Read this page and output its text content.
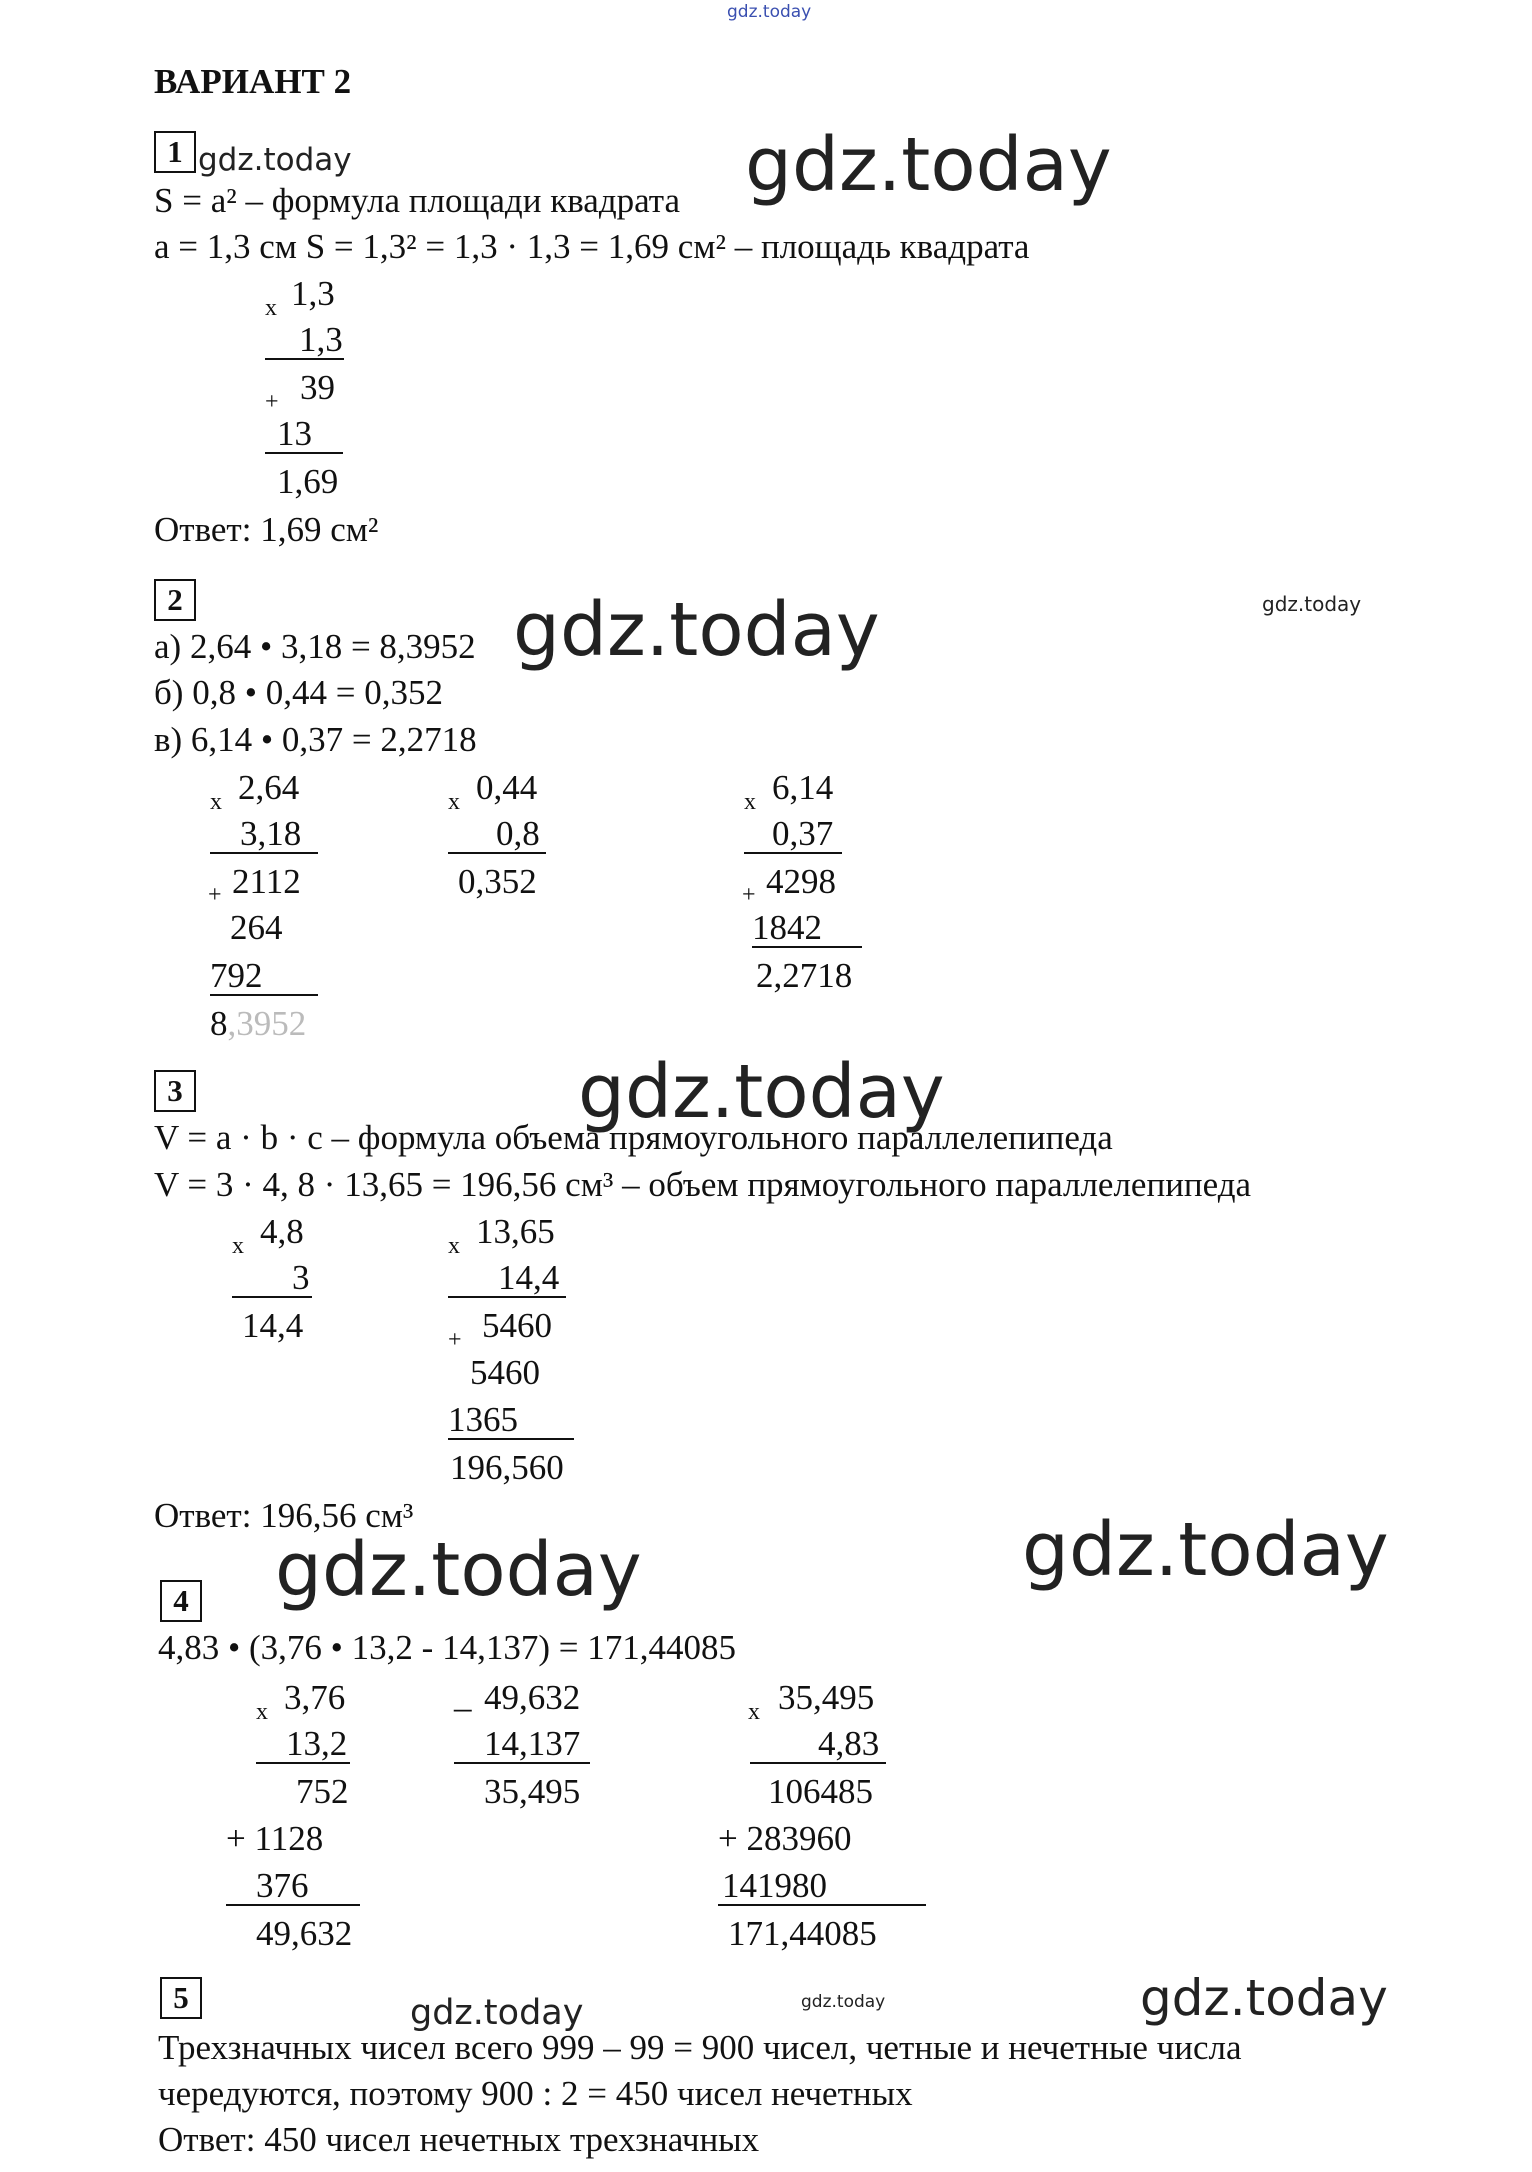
gdz.today
ВАРИАНТ 2
1 gdz.today	gdz.today
S = a² – формула площади квадрата
a = 1,3 см S = 1,3² = 1,3 · 1,3 = 1,69 см² – площадь квадрата
х 1,3
1,3
+ 39
13
1,69
Ответ: 1,69 см²
2	gdz.today
gdz.today
а) 2,64 • 3,18 = 8,3952
б) 0,8 • 0,44 = 0,352
в) 6,14 • 0,37 = 2,2718
х 2,64
3,18
+ 2112
264
792
8,3952
х 0,44
0,8
0,352
х 6,14
0,37
+ 4298
1842
2,2718
3	gdz.today
V = a · b · c – формула объема прямоугольного параллелепипеда
V = 3 · 4, 8 · 13,65 = 196,56 см³ – объем прямоугольного параллелепипеда
х 4,8
3
14,4
х 13,65
14,4
+ 5460
5460
1365
196,560
Ответ: 196,56 см³
gdz.today	gdz.today
4
4,83 • (3,76 • 13,2 - 14,137) = 171,44085
х 3,76
13,2
752
+ 1128
376
49,632
_ 49,632
14,137
35,495
х 35,495
4,83
106485
+ 283960
141980
171,44085
5	gdz.today	gdz.today	gdz.today
Трехзначных чисел всего 999 – 99 = 900 чисел, четные и нечетные числа
чередуются, поэтому 900 : 2 = 450 чисел нечетных
Ответ: 450 чисел нечетных трехзначных
